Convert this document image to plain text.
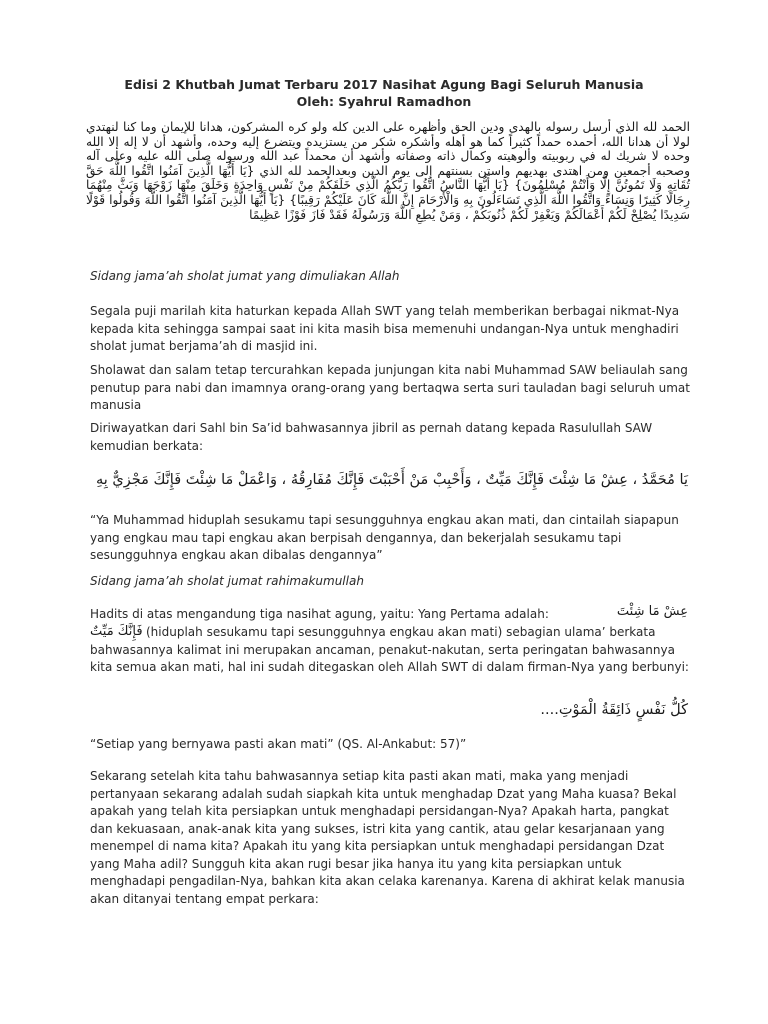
Edisi 2 Khutbah Jumat Terbaru 2017 Nasihat Agung Bagi Seluruh Manusia
Oleh: Syahrul Ramadhon
الحمد لله الذي أرسل رسوله بالهدى ودين الحق وأظهره على الدين كله ولو كره المشركون، هدانا للإيمان وما كنا لنهتدي لولا أن هدانا الله، أحمده حمداً كثيراً كما هو أهله وأشكره شكر من يستزيده ويتضرع إليه وحده، وأشهد أن لا إله إلا الله وحده لا شريك له في ربوبيته وألوهيته وكمال ذاته وصفاته وأشهد أن محمداً عبد الله ورسوله صلى الله عليه وعلى آله وصحبه أجمعين ومن اهتدى بهديهم واستن بسنتهم إلى يوم الدين وبعدالحمد لله الذي {يَا أَيُّهَا الَّذِينَ آمَنُوا اتَّقُوا اللَّهَ حَقَّ تُقَاتِهِ وَلَا تَمُوتُنَّ إِلَّا وَأَنْتُمْ مُسْلِمُونَ} {يَا أَيُّهَا النَّاسُ اتَّقُوا رَبَّكُمُ الَّذِي خَلَقَكُمْ مِنْ نَفْسٍ وَاحِدَةٍ وَخَلَقَ مِنْهَا زَوْجَهَا وَبَثَّ مِنْهُمَا رِجَالًا كَثِيرًا وَنِسَاءً وَاتَّقُوا اللَّهَ الَّذِي تَسَاءَلُونَ بِهِ وَالْأَرْحَامَ إِنَّ اللَّهَ كَانَ عَلَيْكُمْ رَقِيبًا} {يَا أَيُّهَا الَّذِينَ آمَنُوا اتَّقُوا اللَّهَ وَقُولُوا قَوْلًا سَدِيدًا يُصْلِحْ لَكُمْ أَعْمَالَكُمْ وَيَغْفِرْ لَكُمْ ذُنُوبَكُمْ ، وَمَنْ يُطِعِ اللَّهَ وَرَسُولَهُ فَقَدْ فَازَ فَوْزًا عَظِيمًا

Sidang jama’ah sholat jumat yang dimuliakan Allah

Segala puji marilah kita haturkan kepada Allah SWT yang telah memberikan berbagai nikmat-Nya kepada kita sehingga sampai saat ini kita masih bisa memenuhi undangan-Nya untuk menghadiri sholat jumat berjama’ah di masjid ini.

Sholawat dan salam tetap tercurahkan kepada junjungan kita nabi Muhammad SAW beliaulah sang penutup para nabi dan imamnya orang-orang yang bertaqwa serta suri tauladan bagi seluruh umat manusia

Diriwayatkan dari Sahl bin Sa’id bahwasannya jibril as pernah datang kepada Rasulullah SAW kemudian berkata:

يَا مُحَمَّدُ ، عِشْ مَا شِئْتَ فَإِنَّكَ مَيِّتٌ ، وَأَحْبِبْ مَنْ أَحْبَبْتَ فَإِنَّكَ مُفَارِقُهُ ، وَاعْمَلْ مَا شِئْتَ فَإِنَّكَ مَجْزِيٌّ بِهِ

“Ya Muhammad hiduplah sesukamu tapi sesungguhnya engkau akan mati, dan cintailah siapapun yang engkau mau tapi engkau akan berpisah dengannya, dan bekerjalah sesukamu tapi sesungguhnya engkau akan dibalas dengannya”

Sidang jama’ah sholat jumat rahimakumullah

Hadits di atas mengandung tiga nasihat agung, yaitu: Yang Pertama adalah:	عِشْ مَا شِئْتَ
فَإِنَّكَ مَيِّتٌ (hiduplah sesukamu tapi sesungguhnya engkau akan mati) sebagian ulama’ berkata bahwasannya kalimat ini merupakan ancaman, penakut-nakutan, serta peringatan bahwasannya kita semua akan mati, hal ini sudah ditegaskan oleh Allah SWT di dalam firman-Nya yang berbunyi:

كُلُّ نَفْسٍ ذَائِقَةُ الْمَوْتِ....

“Setiap yang bernyawa pasti akan mati” (QS. Al-Ankabut: 57)”

Sekarang setelah kita tahu bahwasannya setiap kita pasti akan mati, maka yang menjadi pertanyaan sekarang adalah sudah siapkah kita untuk menghadap Dzat yang Maha kuasa? Bekal apakah yang telah kita persiapkan untuk menghadapi persidangan-Nya? Apakah harta, pangkat dan kekuasaan, anak-anak kita yang sukses, istri kita yang cantik, atau gelar kesarjanaan yang menempel di nama kita? Apakah itu yang kita persiapkan untuk menghadapi persidangan Dzat yang Maha adil? Sungguh kita akan rugi besar jika hanya itu yang kita persiapkan untuk menghadapi pengadilan-Nya, bahkan kita akan celaka karenanya. Karena di akhirat kelak manusia akan ditanyai tentang empat perkara:
